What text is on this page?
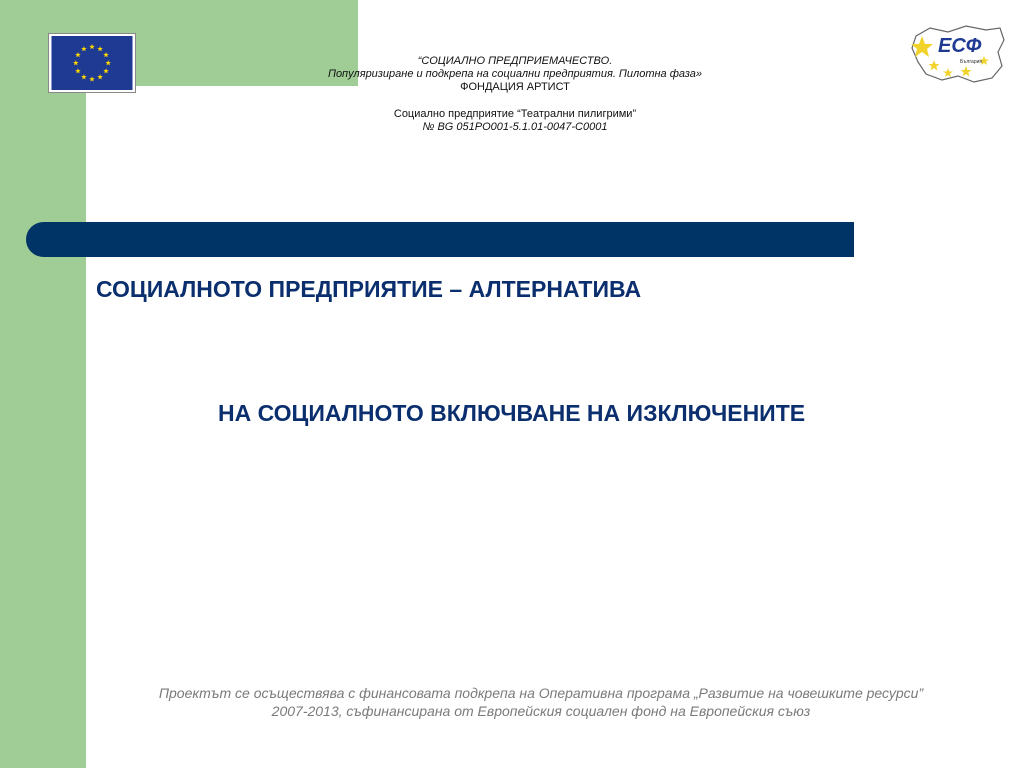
ЕСФ
България
“СОЦИАЛНО ПРЕДПРИЕМАЧЕСТВО.
Популяризиране и подкрепа на социални предприятия. Пилотна фаза»
ФОНДАЦИЯ АРТИСТ
Социално предприятие “Театрални пилигрими”
№ BG 051PO001-5.1.01-0047-C0001
СОЦИАЛНОТО ПРЕДПРИЯТИЕ – АЛТЕРНАТИВА
НА СОЦИАЛНОТО ВКЛЮЧВАНЕ НА ИЗКЛЮЧЕНИТЕ
Проектът се осъществява с финансовата подкрепа на Оперативна програма „Развитие на човешките ресурси”
2007-2013, съфинансирана от Европейския социален фонд на Европейския съюз
